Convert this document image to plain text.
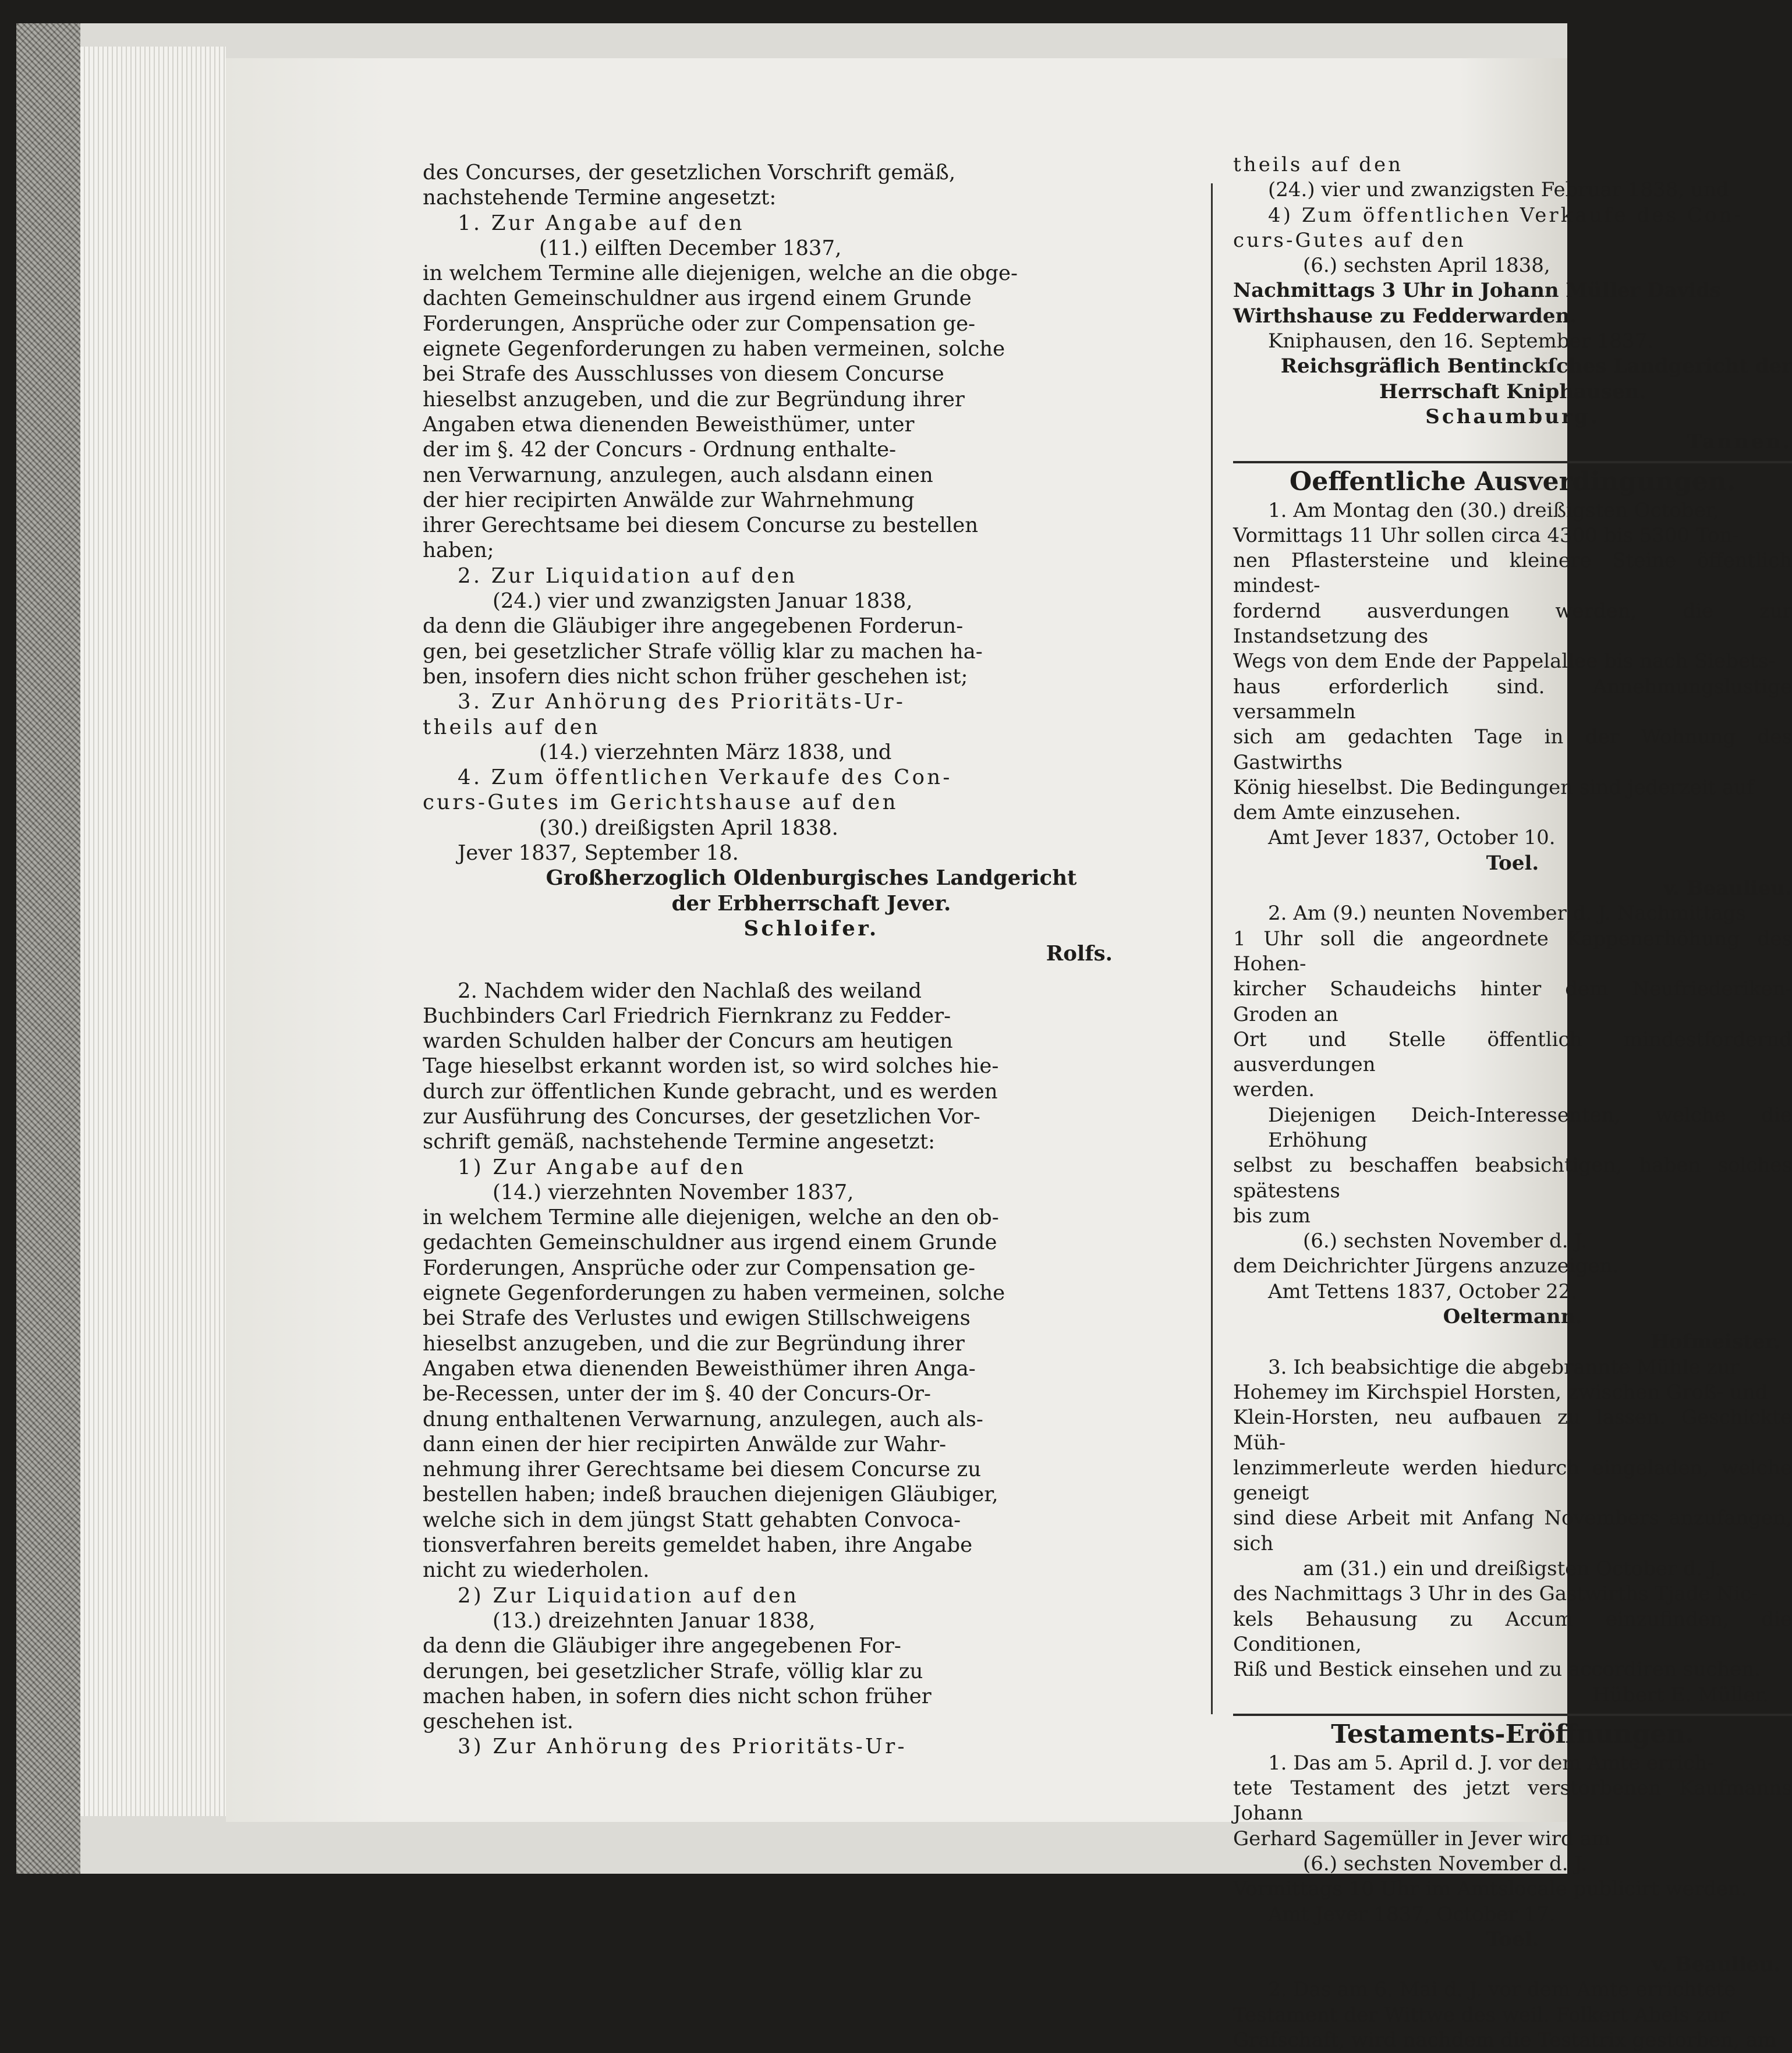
des Concurses, der gesetzlichen Vorschrift gemäß,

nachstehende Termine angesetzt:

1. Zur Angabe auf den

(11.) eilften December 1837,

in welchem Termine alle diejenigen, welche an die obge-

dachten Gemeinschuldner aus irgend einem Grunde

Forderungen, Ansprüche oder zur Compensation ge-

eignete Gegenforderungen zu haben vermeinen, solche

bei Strafe des Ausschlusses von diesem Concurse

hieselbst anzugeben, und die zur Begründung ihrer

Angaben etwa dienenden Beweisthümer, unter

der im §. 42 der Concurs - Ordnung enthalte-

nen Verwarnung, anzulegen, auch alsdann einen

der hier recipirten Anwälde zur Wahrnehmung

ihrer Gerechtsame bei diesem Concurse zu bestellen

haben;

2. Zur Liquidation auf den

(24.) vier und zwanzigsten Januar 1838,

da denn die Gläubiger ihre angegebenen Forderun-

gen, bei gesetzlicher Strafe völlig klar zu machen ha-

ben, insofern dies nicht schon früher geschehen ist;

3. Zur Anhörung des Prioritäts-Ur-

theils auf den

(14.) vierzehnten März 1838, und

4. Zum öffentlichen Verkaufe des Con-

curs-Gutes im Gerichtshause auf den

(30.) dreißigsten April 1838.

Jever 1837, September 18.

Großherzoglich Oldenburgisches Landgericht

der Erbherrschaft Jever.

Schloifer.

Rolfs.

2. Nachdem wider den Nachlaß des weiland

Buchbinders Carl Friedrich Fiernkranz zu Fedder-

warden Schulden halber der Concurs am heutigen

Tage hieselbst erkannt worden ist, so wird solches hie-

durch zur öffentlichen Kunde gebracht, und es werden

zur Ausführung des Concurses, der gesetzlichen Vor-

schrift gemäß, nachstehende Termine angesetzt:

1) Zur Angabe auf den

(14.) vierzehnten November 1837,

in welchem Termine alle diejenigen, welche an den ob-

gedachten Gemeinschuldner aus irgend einem Grunde

Forderungen, Ansprüche oder zur Compensation ge-

eignete Gegenforderungen zu haben vermeinen, solche

bei Strafe des Verlustes und ewigen Stillschweigens

hieselbst anzugeben, und die zur Begründung ihrer

Angaben etwa dienenden Beweisthümer ihren Anga-

be-Recessen, unter der im §. 40 der Concurs-Or-

dnung enthaltenen Verwarnung, anzulegen, auch als-

dann einen der hier recipirten Anwälde zur Wahr-

nehmung ihrer Gerechtsame bei diesem Concurse zu

bestellen haben; indeß brauchen diejenigen Gläubiger,

welche sich in dem jüngst Statt gehabten Convoca-

tionsverfahren bereits gemeldet haben, ihre Angabe

nicht zu wiederholen.

2) Zur Liquidation auf den

(13.) dreizehnten Januar 1838,

da denn die Gläubiger ihre angegebenen For-

derungen, bei gesetzlicher Strafe, völlig klar zu

machen haben, in sofern dies nicht schon früher

geschehen ist.

3) Zur Anhörung des Prioritäts-Ur-

theils auf den

(24.) vier und zwanzigsten Februar 1838, und

4) Zum öffentlichen Verkaufe des Con-

curs-Gutes auf den

(6.) sechsten April 1838,

Nachmittags 3 Uhr in Johann Müller Davids

Wirthshause zu Fedderwarden.

Kniphausen, den 16. September 1837.

Reichsgräflich Bentinckſches Landgericht der

Herrschaft Kniphausen.

Schaumburg.

Tannen.

Oeffentliche Ausverdingungen.

1. Am Montag den (30.) dreißigsten October,

Vormittags 11 Uhr sollen circa 4300 bis 5300 Ton-

nen Pflastersteine und kleinere Steine öffentlich mindest-

fordernd ausverdungen werden, die zur Instandsetzung des

Wegs von dem Ende der Pappelallee bis nach Siebets-

haus erforderlich sind. Annehmungslustige versammeln

sich am gedachten Tage in der Wohnung des Gastwirths

König hieselbst. Die Bedingungen sind jederzeit auf

dem Amte einzusehen.

Amt Jever 1837, October 10.

Toel.

v. Beaulieu.

2. Am (9.) neunten November d. J. Nachmittags

1 Uhr soll die angeordnete Kappenerhöhung des Hohen-

kircher Schaudeichs hinter dem Neufriederiken-Groden an

Ort und Stelle öffentlich mindestfordernd ausverdungen

werden.

Diejenigen Deich-Interessenten, welche die Erhöhung

selbst zu beschaffen beabsichtigen, haben solches spätestens

bis zum

(6.) sechsten November d. J.

dem Deichrichter Jürgens anzuzeigen.

Amt Tettens 1837, October 22.

Oeltermann.

Hofmeister.

3. Ich beabsichtige die abgebrannte Mühle zur

Hohemey im Kirchspiel Horsten, zwischen Groß- und

Klein-Horsten, neu aufbauen zu lassen. Geschickte Müh-

lenzimmerleute werden hiedurch eingeladen, welche geneigt

sind diese Arbeit mit Anfang Novembers anzufangen, sich

am (31.) ein und dreißigsten October d. J.

des Nachmittags 3 Uhr in des Gastwirths Tjade Nic-

kels Behausung zu Accum einzufinden, die Conditionen,

Riß und Bestick einsehen und zu accordiren suchen.

Hübert E. Müller.

Testaments-Eröffnungen.

1. Das am 5. April d. J. vor dem Amte errich-

tete Testament des jetzt verstorbenen Kaufmanns Johann

Gerhard Sagemüller in Jever wird am

(6.) sechsten November d. J.

Vormittags 10 Uhr im Amtslocale publicirt werden.

Amt Jever 1837, October 17.

Toel.

v. Beaulieu.

2. Das am 6. Mai d. J. vor dem Amte errichtete

Testament der Wittwe des weil. Folkert Abels zur

Grafschaft, wird nachdem die Testatrix gestorben, am
